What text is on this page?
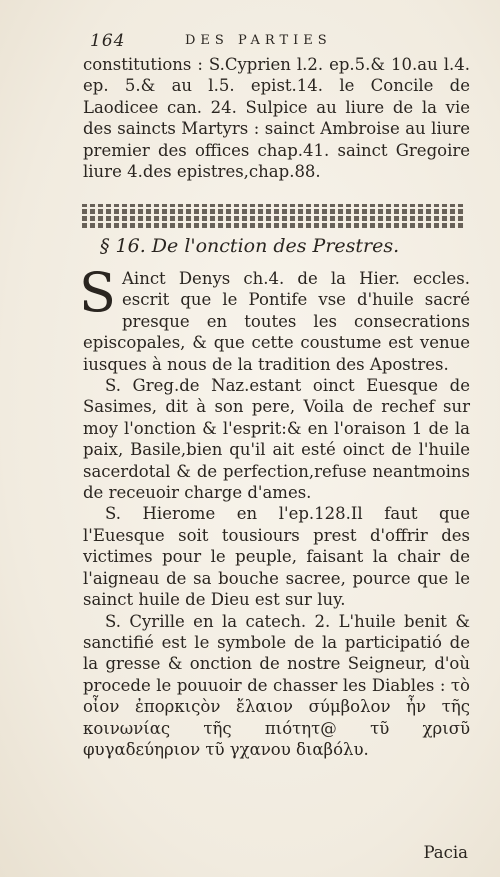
164	DES PARTIES

constitutions : S.Cyprien l.2. ep.5.& 10.au l.4. ep. 5.& au l.5. epist.14. le Concile de Laodicee can. 24. Sulpice au liure de la vie des saincts Martyrs : sainct Ambroise au liure premier des offices chap.41. sainct Gregoire liure 4.des epistres,chap.88.

§ 16. De l'onction des Prestres.

S Ainct Denys ch.4. de la Hier. eccles. escrit que le Pontife vse d'huile sacré presque en toutes les consecrations episcopales, & que cette coustume est venue iusques à nous de la tradition des Apostres.

S. Greg.de Naz.estant oinct Euesque de Sasimes, dit à son pere, Voila de rechef sur moy l'onction & l'esprit:& en l'oraison 1 de la paix, Basile,bien qu'il ait esté oinct de l'huile sacerdotal & de perfection,refuse neantmoins de receuoir charge d'ames.

S. Hierome en l'ep.128.Il faut que l'Euesque soit tousiours prest d'offrir des victimes pour le peuple, faisant la chair de l'aigneau de sa bouche sacree, pource que le sainct huile de Dieu est sur luy.

S. Cyrille en la catech. 2. L'huile benit & sanctifié est le symbole de la participatió de la gresse & onction de nostre Seigneur, d'où procede le pouuoir de chasser les Diables : τὸ οἶον ἐπορκιςὸν ἔλαιον σύμβολον ἦν τῆς κοινωνίας τῆς πιότητ@ τῦ χρισῦ φυγαδεύηριον τῦ γχανου διαβόλυ.

Pacia
